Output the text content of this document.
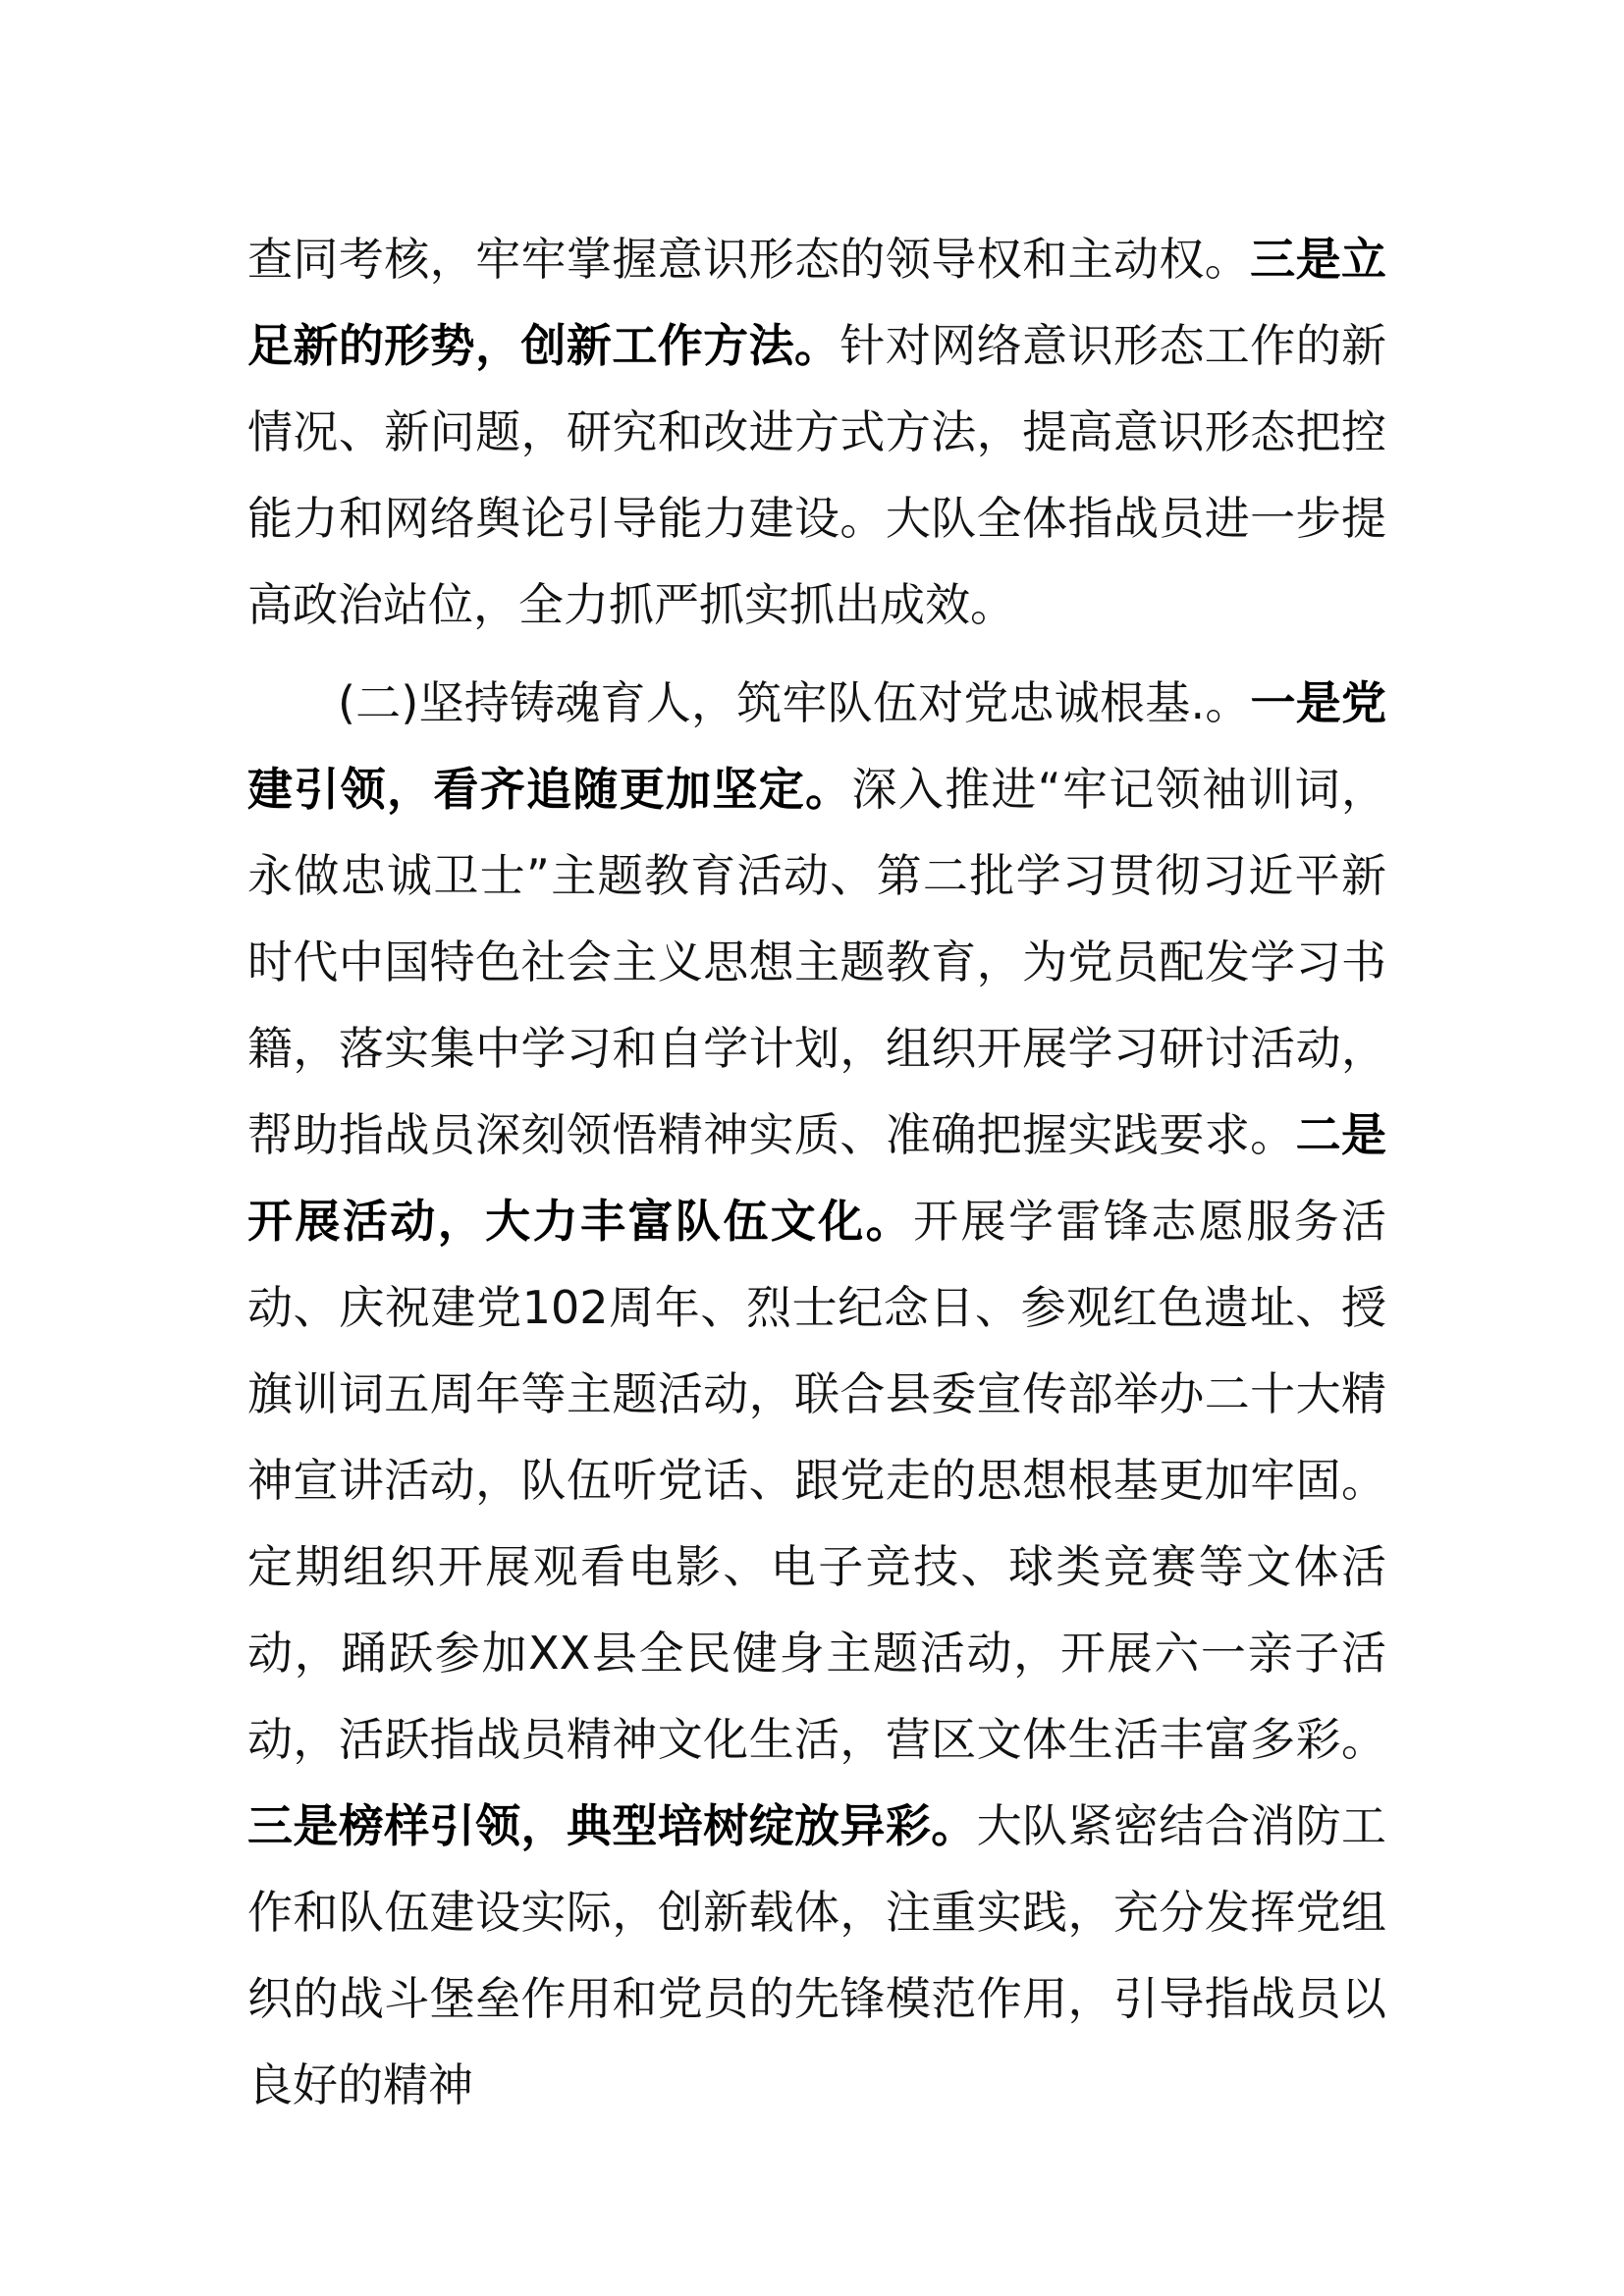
查同考核，牢牢掌握意识形态的领导权和主动权。三是立足新的形势，创新工作方法。针对网络意识形态工作的新情况、新问题，研究和改进方式方法，提高意识形态把控能力和网络舆论引导能力建设。大队全体指战员进一步提高政治站位，全力抓严抓实抓出成效。

(二)坚持铸魂育人，筑牢队伍对党忠诚根基.。一是党建引领，看齐追随更加坚定。深入推进“牢记领袖训词，永做忠诚卫士”主题教育活动、第二批学习贯彻习近平新时代中国特色社会主义思想主题教育，为党员配发学习书籍，落实集中学习和自学计划，组织开展学习研讨活动，帮助指战员深刻领悟精神实质、准确把握实践要求。二是开展活动，大力丰富队伍文化。开展学雷锋志愿服务活动、庆祝建党102周年、烈士纪念日、参观红色遗址、授旗训词五周年等主题活动，联合县委宣传部举办二十大精神宣讲活动，队伍听党话、跟党走的思想根基更加牢固。定期组织开展观看电影、电子竞技、球类竞赛等文体活动，踊跃参加XX县全民健身主题活动，开展六一亲子活动，活跃指战员精神文化生活，营区文体生活丰富多彩。三是榜样引领，典型培树绽放异彩。大队紧密结合消防工作和队伍建设实际，创新载体，注重实践，充分发挥党组织的战斗堡垒作用和党员的先锋模范作用，引导指战员以良好的精神
